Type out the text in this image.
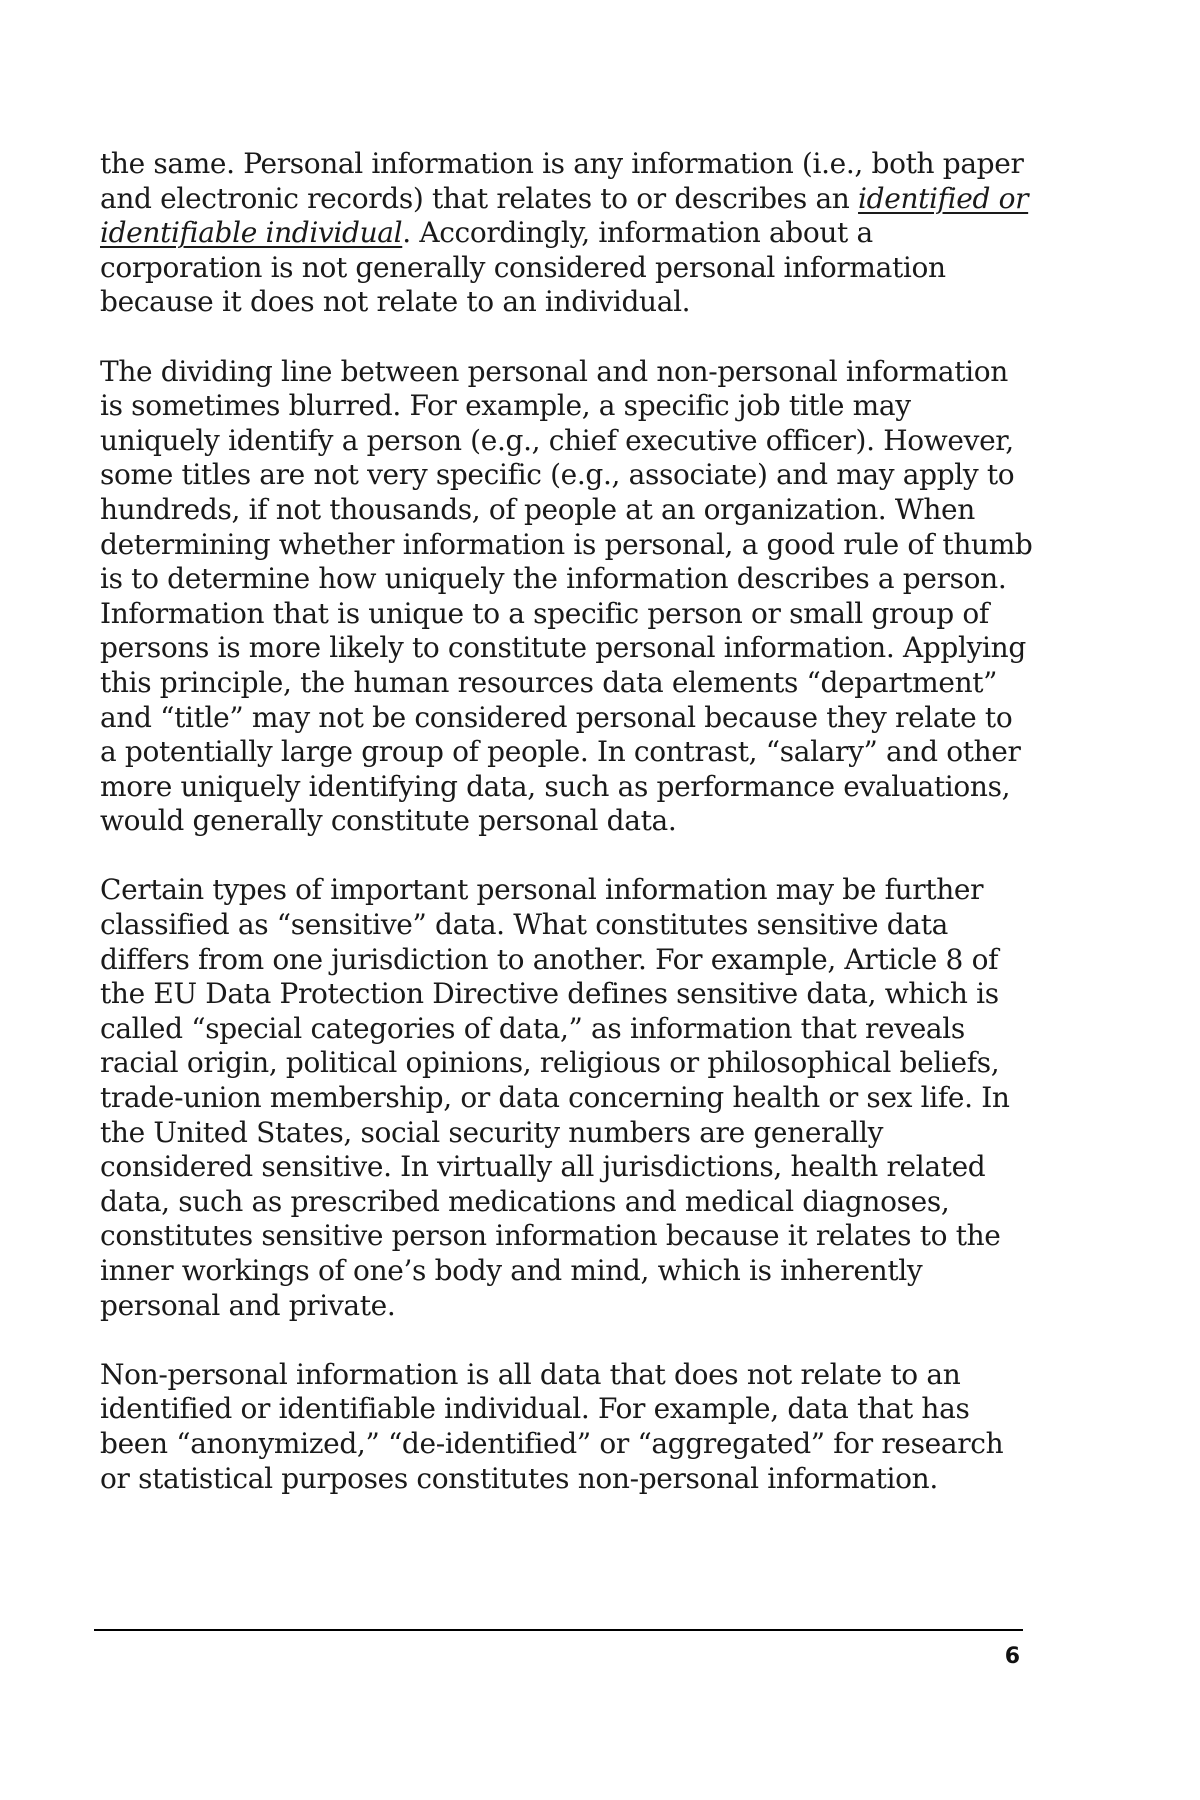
the same. Personal information is any information (i.e., both paper and electronic records) that relates to or describes an identified or identifiable individual. Accordingly, information about a corporation is not generally considered personal information because it does not relate to an individual.

The dividing line between personal and non-personal information is sometimes blurred. For example, a specific job title may uniquely identify a person (e.g., chief executive officer). However, some titles are not very specific (e.g., associate) and may apply to hundreds, if not thousands, of people at an organization. When determining whether information is personal, a good rule of thumb is to determine how uniquely the information describes a person. Information that is unique to a specific person or small group of persons is more likely to constitute personal information. Applying this principle, the human resources data elements “department” and “title” may not be considered personal because they relate to a potentially large group of people. In contrast, “salary” and other more uniquely identifying data, such as performance evaluations, would generally constitute personal data.

Certain types of important personal information may be further classified as “sensitive” data. What constitutes sensitive data differs from one jurisdiction to another. For example, Article 8 of the EU Data Protection Directive defines sensitive data, which is called “special categories of data,” as information that reveals racial origin, political opinions, religious or philosophical beliefs, trade-union membership, or data concerning health or sex life. In the United States, social security numbers are generally considered sensitive. In virtually all jurisdictions, health related data, such as prescribed medications and medical diagnoses, constitutes sensitive person information because it relates to the inner workings of one’s body and mind, which is inherently personal and private.

Non-personal information is all data that does not relate to an identified or identifiable individual. For example, data that has been “anonymized,” “de-identified” or “aggregated” for research or statistical purposes constitutes non-personal information.

6
